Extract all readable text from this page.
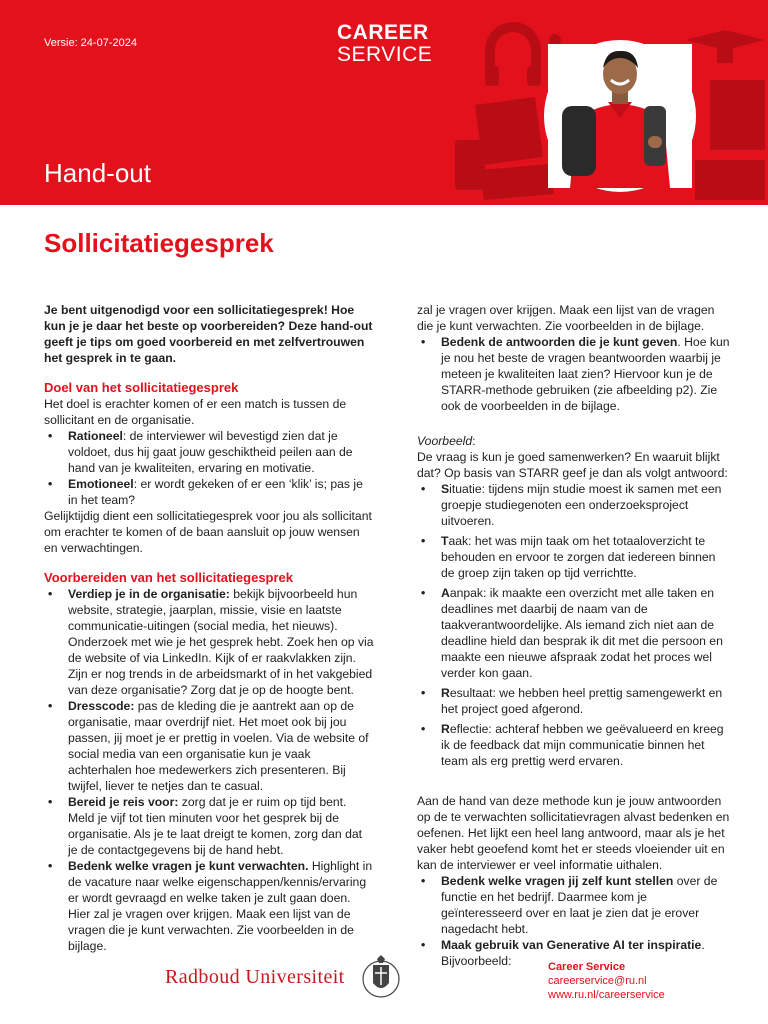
Versie: 24-07-2024	CAREER
SERVICE
Hand-out
Sollicitatiegesprek

Je bent uitgenodigd voor een sollicitatiegesprek! Hoe kun je je daar het beste op voorbereiden? Deze hand-out geeft je tips om goed voorbereid en met zelfvertrouwen het gesprek in te gaan.

Doel van het sollicitatiegesprek

Het doel is erachter komen of er een match is tussen de sollicitant en de organisatie.

• Rationeel: de interviewer wil bevestigd zien dat je voldoet, dus hij gaat jouw geschiktheid peilen aan de hand van je kwaliteiten, ervaring en motivatie.
• Emotioneel: er wordt gekeken of er een ‘klik’ is; pas je in het team?

Gelijktijdig dient een sollicitatiegesprek voor jou als sollicitant om erachter te komen of de baan aansluit op jouw wensen en verwachtingen.

Voorbereiden van het sollicitatiegesprek
• Verdiep je in de organisatie: bekijk bijvoorbeeld hun website, strategie, jaarplan, missie, visie en laatste communicatie-uitingen (social media, het nieuws). Onderzoek met wie je het gesprek hebt. Zoek hen op via de website of via LinkedIn. Kijk of er raakvlakken zijn. Zijn er nog trends in de arbeidsmarkt of in het vakgebied van deze organisatie? Zorg dat je op de hoogte bent.
• Dresscode: pas de kleding die je aantrekt aan op de organisatie, maar overdrijf niet. Het moet ook bij jou passen, jij moet je er prettig in voelen. Via de website of social media van een organisatie kun je vaak achterhalen hoe medewerkers zich presenteren. Bij twijfel, liever te netjes dan te casual.
• Bereid je reis voor: zorg dat je er ruim op tijd bent. Meld je vijf tot tien minuten voor het gesprek bij de organisatie. Als je te laat dreigt te komen, zorg dan dat je de contactgegevens bij de hand hebt.
• Bedenk welke vragen je kunt verwachten. Highlight in de vacature naar welke eigenschappen/kennis/ervaring er wordt gevraagd en welke taken je zult gaan doen. Hier zal je vragen over krijgen. Maak een lijst van de vragen die je kunt verwachten. Zie voorbeelden in de bijlage.

zal je vragen over krijgen. Maak een lijst van de vragen die je kunt verwachten. Zie voorbeelden in de bijlage.

• Bedenk de antwoorden die je kunt geven. Hoe kun je nou het beste de vragen beantwoorden waarbij je meteen je kwaliteiten laat zien? Hiervoor kun je de STARR-methode gebruiken (zie afbeelding p2). Zie ook de voorbeelden in de bijlage.

Voorbeeld:

De vraag is kun je goed samenwerken? En waaruit blijkt dat? Op basis van STARR geef je dan als volgt antwoord:

• Situatie: tijdens mijn studie moest ik samen met een groepje studiegenoten een onderzoeksproject uitvoeren.
• Taak: het was mijn taak om het totaaloverzicht te behouden en ervoor te zorgen dat iedereen binnen de groep zijn taken op tijd verrichtte.
• Aanpak: ik maakte een overzicht met alle taken en deadlines met daarbij de naam van de taakverantwoordelijke. Als iemand zich niet aan de deadline hield dan besprak ik dit met die persoon en maakte een nieuwe afspraak zodat het proces wel verder kon gaan.
• Resultaat: we hebben heel prettig samengewerkt en het project goed afgerond.
• Reflectie: achteraf hebben we geëvalueerd en kreeg ik de feedback dat mijn communicatie binnen het team als erg prettig werd ervaren.

Aan de hand van deze methode kun je jouw antwoorden op de te verwachten sollicitatievragen alvast bedenken en oefenen. Het lijkt een heel lang antwoord, maar als je het vaker hebt geoefend komt het er steeds vloeiender uit en kan de interviewer er veel informatie uithalen.

• Bedenk welke vragen jij zelf kunt stellen over de functie en het bedrijf. Daarmee kom je geïnteresseerd over en laat je zien dat je erover nagedacht hebt.
• Maak gebruik van Generative AI ter inspiratie. Bijvoorbeeld:
Radboud Universiteit	Career Service
careerservice@ru.nl
www.ru.nl/careerservice
